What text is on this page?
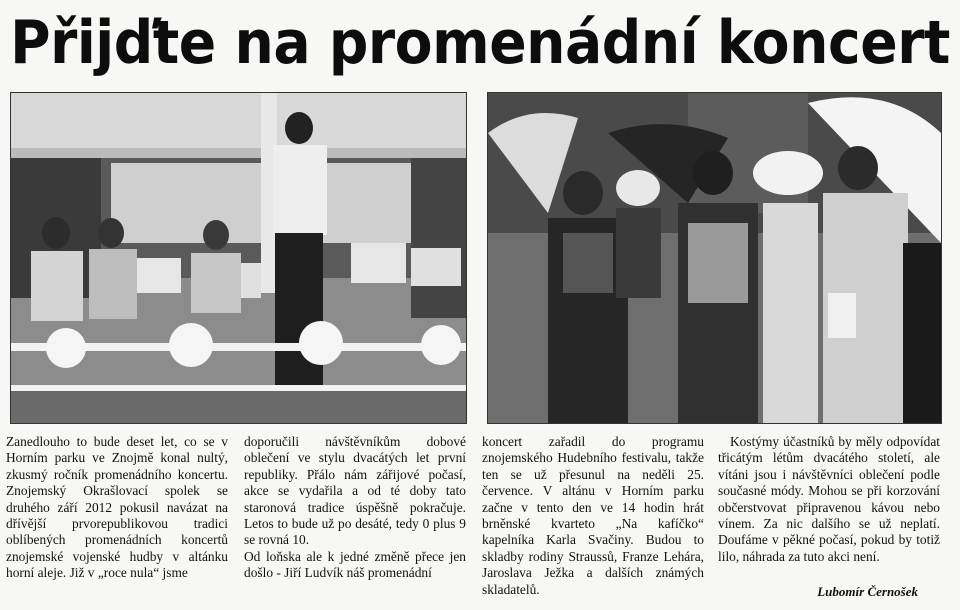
Přijďte na promenádní koncert

Zanedlouho to bude deset let, co se v Horním parku ve Znojmě konal nultý, zkusmý ročník promenádního koncertu. Znojemský Okrašlovací spolek se druhého září 2012 pokusil navázat na dřívější prvorepublikovou tradici oblíbených promenádních koncertů znojemské vojenské hudby v altánku horní aleje. Již v „roce nula“ jsme

doporučili návštěvníkům dobové oblečení ve stylu dvacátých let první republiky. Přálo nám zářijové počasí, akce se vydařila a od té doby tato staronová tradice úspěšně pokračuje. Letos to bude už po desáté, tedy 0 plus 9 se rovná 10.

Od loňska ale k jedné změně přece jen došlo - Jiří Ludvík náš promenádní

koncert zařadil do programu znojemského Hudebního festivalu, takže ten se už přesunul na neděli 25. července. V altánu v Horním parku začne v tento den ve 14 hodin hrát brněnské kvarteto „Na kafíčko“ kapelníka Karla Svačiny. Budou to skladby rodiny Straussů, Franze Lehára, Jaroslava Ježka a dalších známých skladatelů.

Kostýmy účastníků by měly odpovídat třicátým létům dvacátého století, ale vítáni jsou i návštěvníci oblečení podle současné módy. Mohou se při korzování občerstvovat připravenou kávou nebo vínem. Za nic dalšího se už neplatí. Doufáme v pěkné počasí, pokud by totiž lilo, náhrada za tuto akci není.

Lubomír Černošek
